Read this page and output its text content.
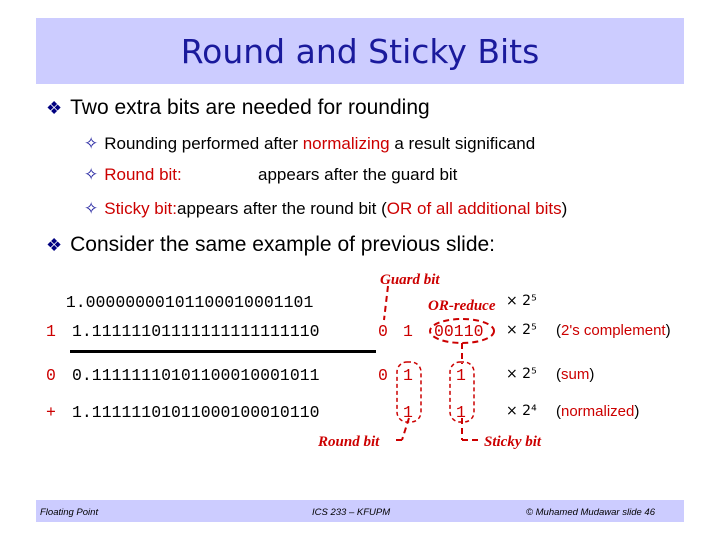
Round and Sticky Bits
❖ Two extra bits are needed for rounding
✧ Rounding performed after normalizing a result significand
✧ Round bit:	appears after the guard bit
✧ Sticky bit:appears after the round bit (OR of all additional bits)
❖ Consider the same example of previous slide:
Guard bit
OR-reduce
1.00000000101100010001101	× 2⁵
1 1.11111101111111111111110	0 1 00110 × 2⁵ (2's complement)
0 0.11111110101100010001011	0 1	1	× 2⁵ (sum)
+ 1.11111101011000100010110	1	1	× 2⁴ (normalized)
Round bit	Sticky bit
Floating Point	ICS 233 – KFUPM	© Muhamed Mudawar slide 46
